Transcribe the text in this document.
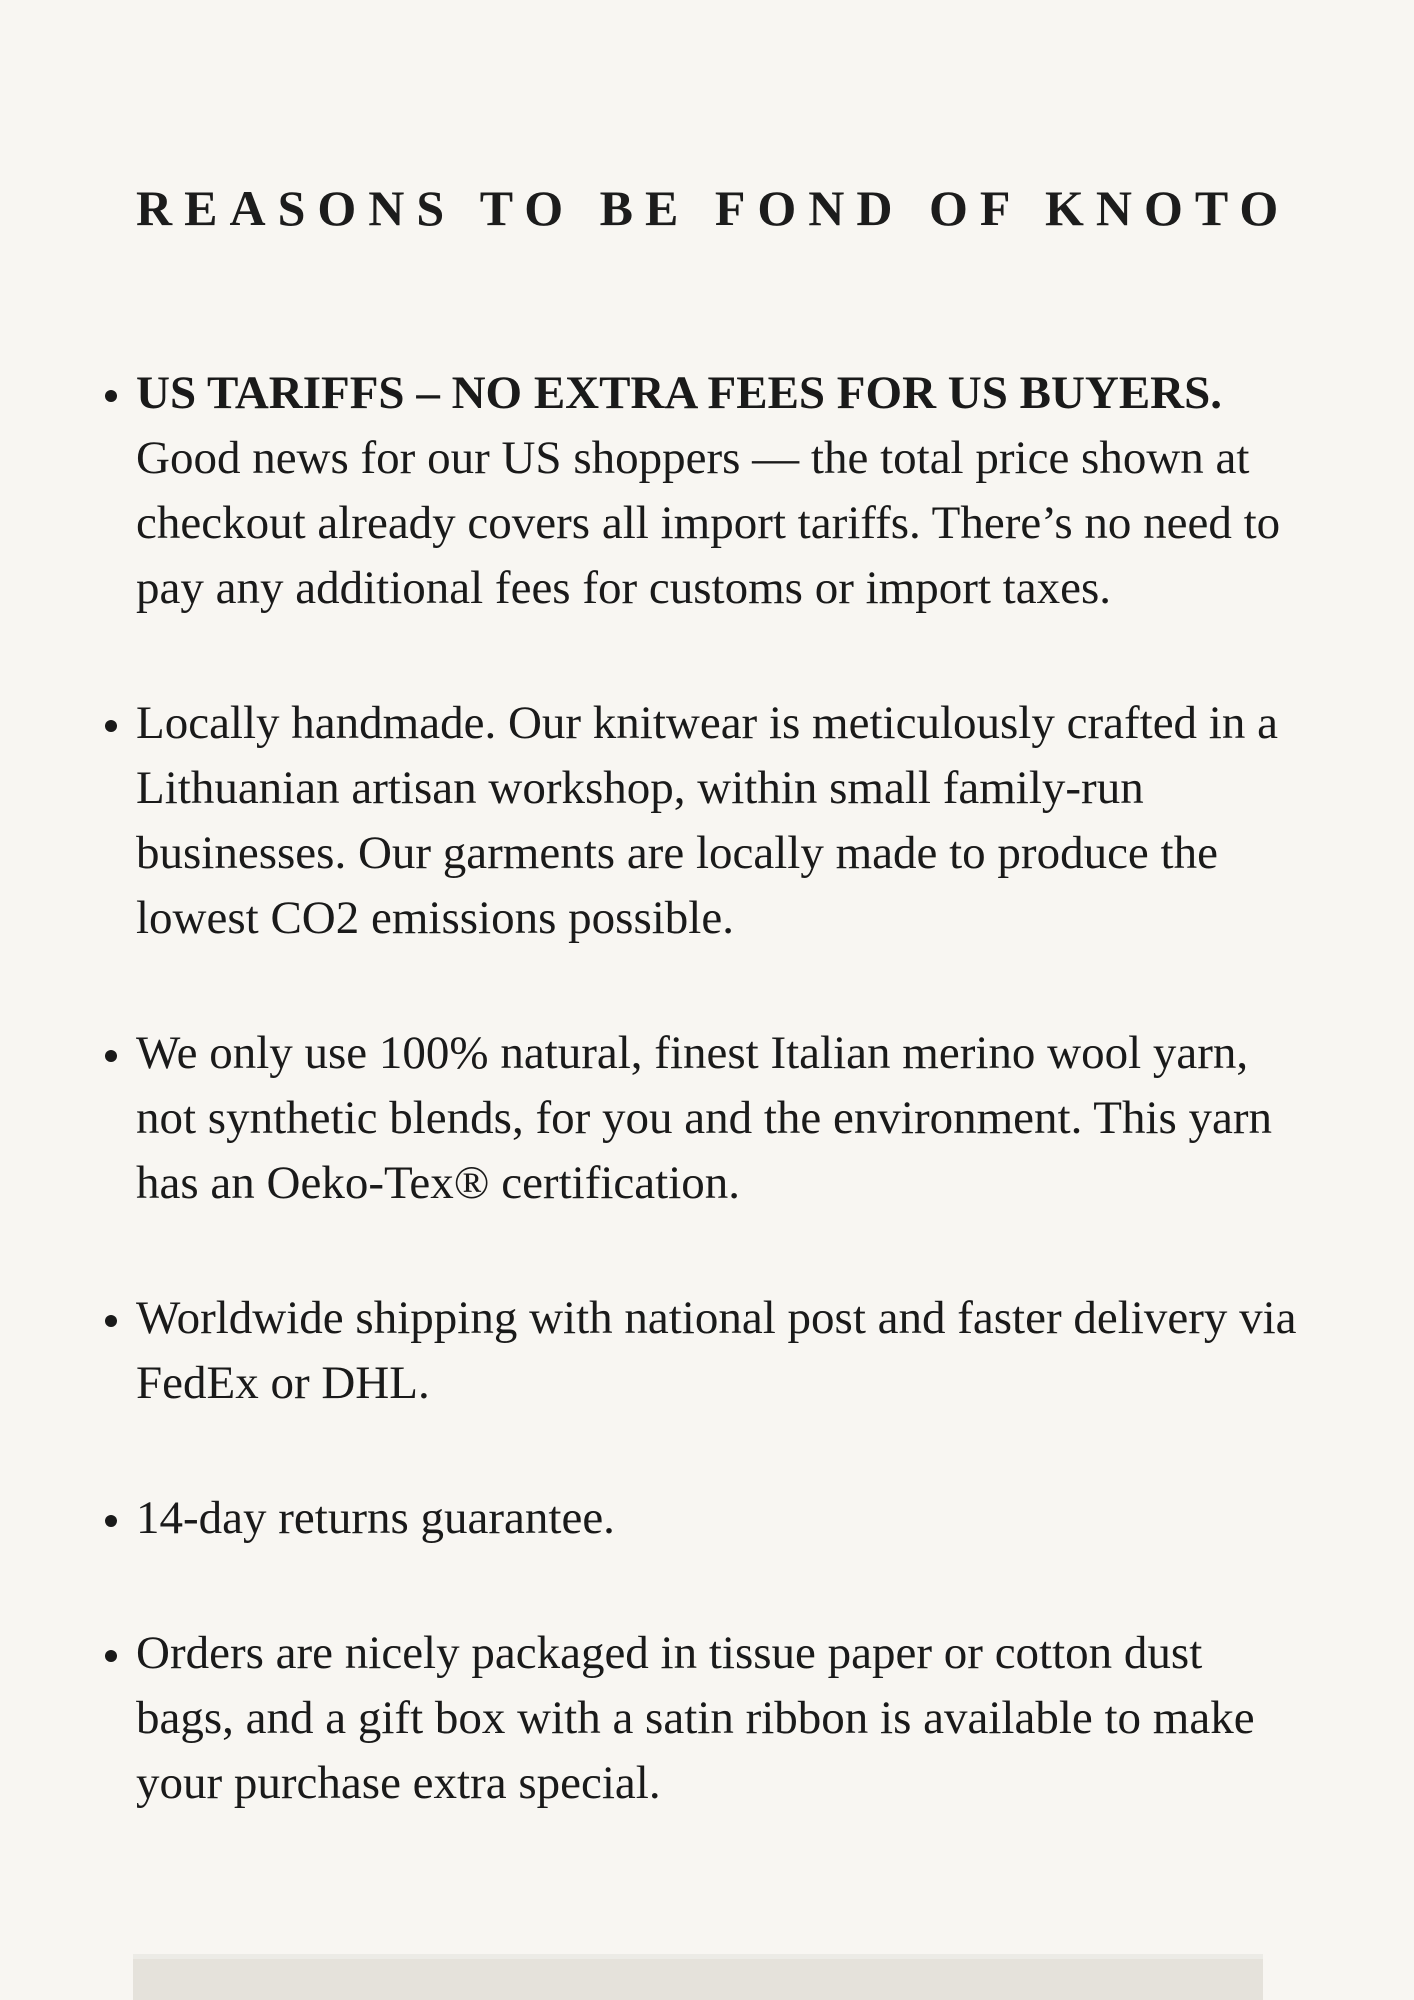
REASONS TO BE FOND OF KNOTO
• US TARIFFS – NO EXTRA FEES FOR US BUYERS. Good news for our US shoppers — the total price shown at checkout already covers all import tariffs. There’s no need to pay any additional fees for customs or import taxes.
• Locally handmade. Our knitwear is meticulously crafted in a Lithuanian artisan workshop, within small family-run businesses. Our garments are locally made to produce the lowest CO2 emissions possible.
• We only use 100% natural, finest Italian merino wool yarn, not synthetic blends, for you and the environment. This yarn has an Oeko-Tex® certification.
• Worldwide shipping with national post and faster delivery via FedEx or DHL.
• 14-day returns guarantee.
• Orders are nicely packaged in tissue paper or cotton dust bags, and a gift box with a satin ribbon is available to make your purchase extra special.
